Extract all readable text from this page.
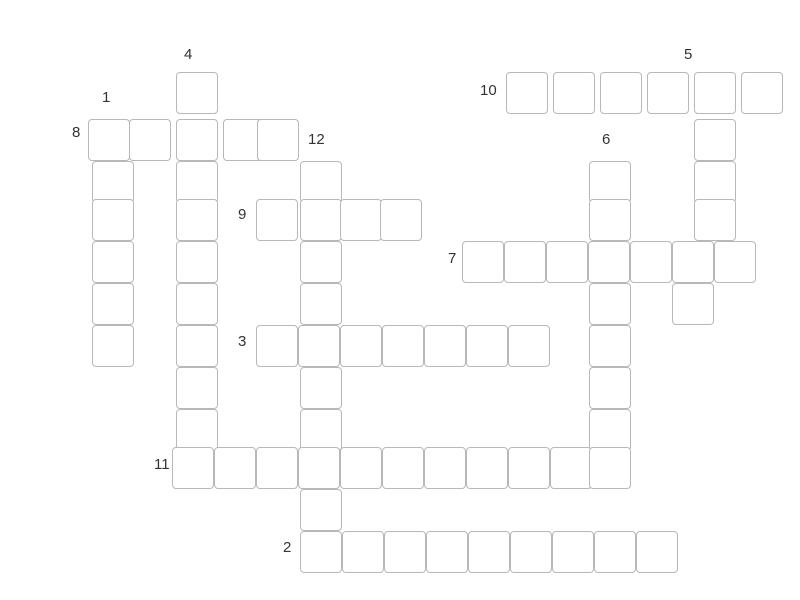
4	5
1	10
8	12	6
9
7
3
11
2
